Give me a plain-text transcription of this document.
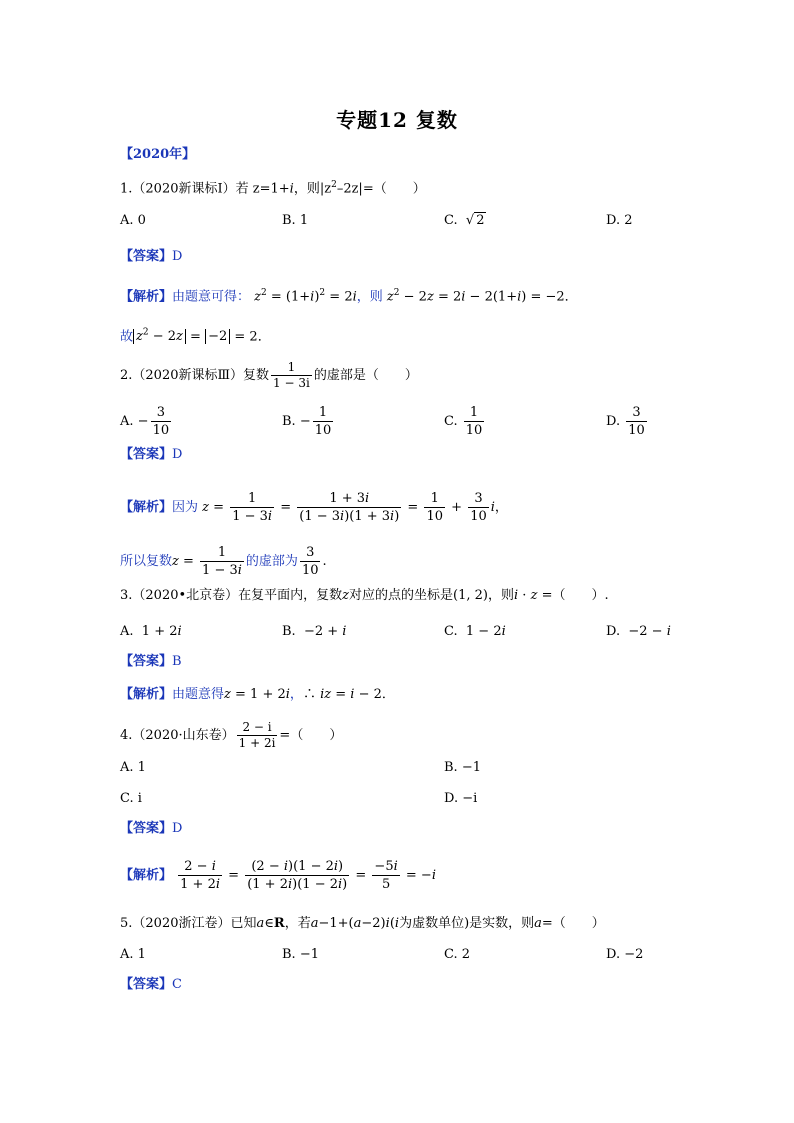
专题12 复数
【2020年】
1.（2020新课标Ⅰ）若 z=1+i，则$|z^2-2z|=$（　　）
A. 0	B. 1	C. √ 2	D. 2
【答案】D
【解析】由题意可得： $z^2 = (1+i)^2 = 2i$，则 $z^2 - 2z = 2i - 2(1+i) = -2$．
故 $z^2 - 2z = -2 = 2$．
2.（2020新课标Ⅲ）复数 $\frac{1}{1 - 3i}$ 的虚部是（　　）
A. − $\frac{3}{10}$	B. − $\frac{1}{10}$	C. $\frac{1}{10}$	D. $\frac{3}{10}$
【答案】D
【解析】因为 $z = \frac{1}{1 - 3i} = \frac{1 + 3i}{(1 - 3i)(1 + 3i)} = \frac{1}{10} + \frac{3}{10}$ i，
所以复数$z = \frac{1}{1 - 3i}$ 的虚部为 $\frac{3}{10}$ .
3.（2020•北京卷）在复平面内，复数z对应的点的坐标是(1, 2)，则i · z =（　　）.
A.  1 + 2i	B.  −2 + i	C.  1 − 2i	D.  −2 − i
【答案】B
【解析】由题意得z = 1 + 2i，∴ iz = i − 2．
4.（2020·山东卷） $\frac{2 - i}{1 + 2i}$ =（　　）
A. 1	B. −1
C. i	D. −i
【答案】D
【解析】 $\frac{2 - i}{1 + 2i} = \frac{(2 - i)(1 - 2i)}{(1 + 2i)(1 - 2i)} = \frac{-5i}{5} = -i$
5.（2020浙江卷）已知a∈R，若a−1+(a−2)i(i为虚数单位)是实数，则a=（　　）
A. 1	B. −1	C. 2	D. −2
【答案】C
